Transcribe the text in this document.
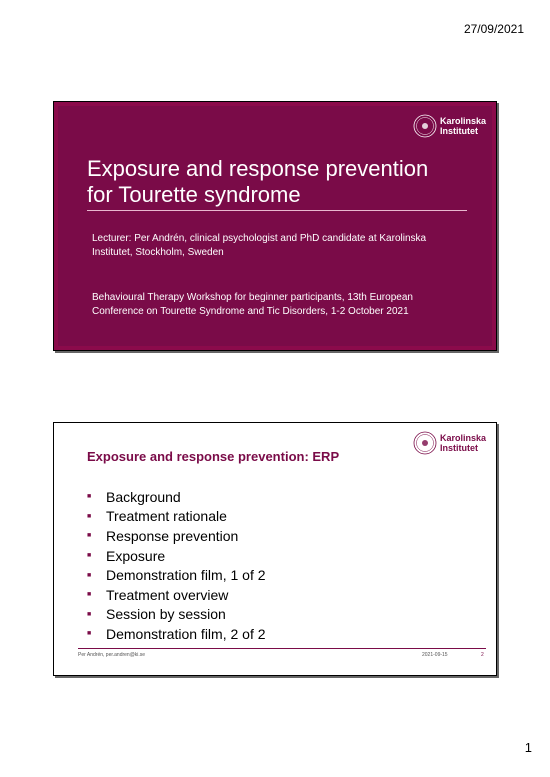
27/09/2021
Karolinska
Institutet
Exposure and response prevention
for Tourette syndrome
Lecturer: Per Andrén, clinical psychologist and PhD candidate at Karolinska Institutet, Stockholm, Sweden
Behavioural Therapy Workshop for beginner participants, 13th European Conference on Tourette Syndrome and Tic Disorders, 1-2 October 2021
Karolinska
Institutet
Exposure and response prevention: ERP
■	Background
■	Treatment rationale
■	Response prevention
■	Exposure
■	Demonstration film, 1 of 2
■	Treatment overview
■	Session by session
■	Demonstration film, 2 of 2
Per Andrén, per.andren@ki.se	2021-09-15	2
1
